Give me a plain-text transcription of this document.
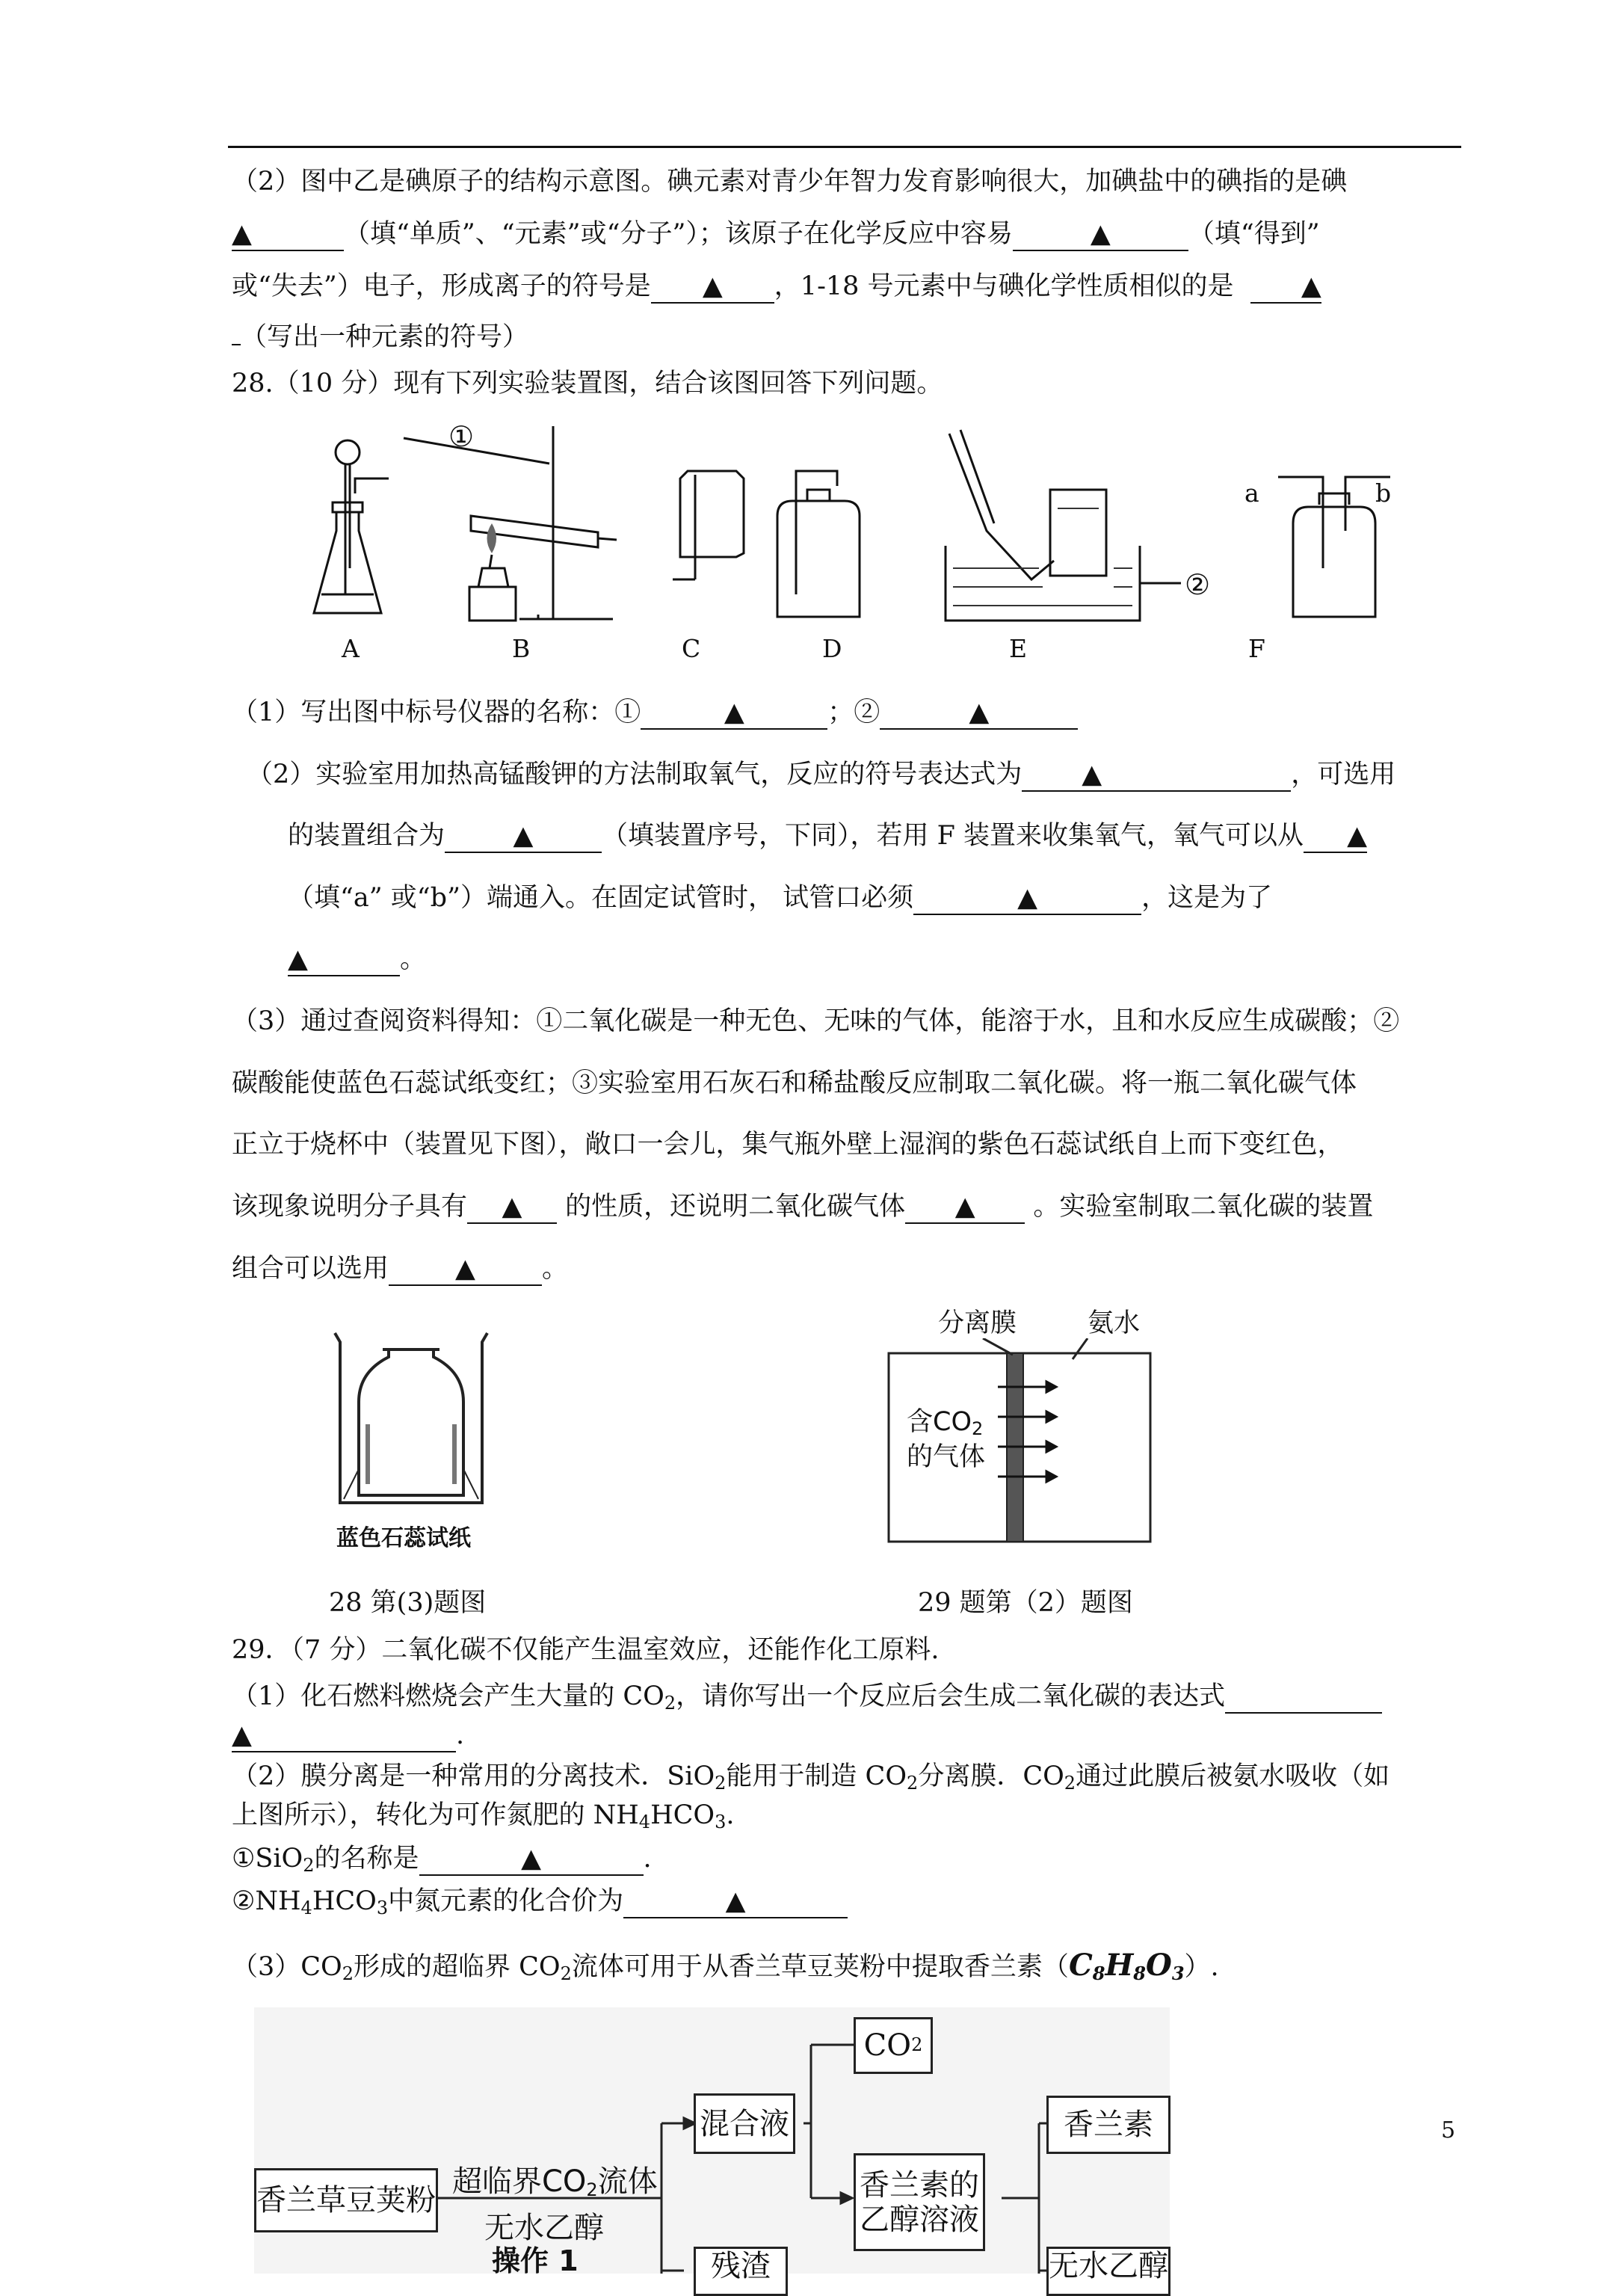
（2）图中乙是碘原子的结构示意图。碘元素对青少年智力发育影响很大，加碘盐中的碘指的是碘
▲	（填“单质”、“元素”或“分子”）；该原子在化学反应中容易	▲	（填“得到”
或“失去”）电子，形成离子的符号是 ▲ ，1-18 号元素中与碘化学性质相似的是	▲
（写出一种元素的符号）
28.（10 分）现有下列实验装置图，结合该图回答下列问题。
①
②
a	b
A	B	C	D	E	F
（1）写出图中标号仪器的名称：①	▲	；②	▲
（2）实验室用加热高锰酸钾的方法制取氧气，反应的符号表达式为 ▲	，可选用
的装置组合为	▲	（填装置序号，下同），若用 F 装置来收集氧气，氧气可以从 ▲
（填“a” 或“b”）端通入。在固定试管时， 试管口必须	▲	，这是为了
▲	。
（3）通过查阅资料得知：①二氧化碳是一种无色、无味的气体，能溶于水，且和水反应生成碳酸；②
碳酸能使蓝色石蕊试纸变红；③实验室用石灰石和稀盐酸反应制取二氧化碳。将一瓶二氧化碳气体
正立于烧杯中（装置见下图），敞口一会儿，集气瓶外壁上湿润的紫色石蕊试纸自上而下变红色，
该现象说明分子具有 ▲ 的性质，还说明二氧化碳气体 ▲ 。实验室制取二氧化碳的装置
组合可以选用	▲	。
蓝色石蕊试纸
28 第(3)题图
分离膜	氨水
含$CO_2$
的气体
29 题第（2）题图
29．（7 分）二氧化碳不仅能产生温室效应，还能作化工原料.
（1）化石燃料燃烧会产生大量的 $CO_2$，请你写出一个反应后会生成二氧化碳的表达式
▲	.
（2）膜分离是一种常用的分离技术．SiO$_2$能用于制造 $CO_2$分离膜．$CO_2$通过此膜后被氨水吸收（如
上图所示），转化为可作氮肥的 $NH_4HCO_3$.
①SiO$_2$的名称是	▲	.
$②NH_4HCO_3$中氮元素的化合价为	▲
$(3)CO_2$形成的超临界 $CO_2$流体可用于从香兰草豆荚粉中提取香兰素$(C_8H_8O_3)$.
香兰草豆荚粉
超临界$CO_2$流体
无水乙醇
操作 1
混合液
CO 2
香兰素的
乙醇溶液
香兰素
残渣	无水乙醇
5
